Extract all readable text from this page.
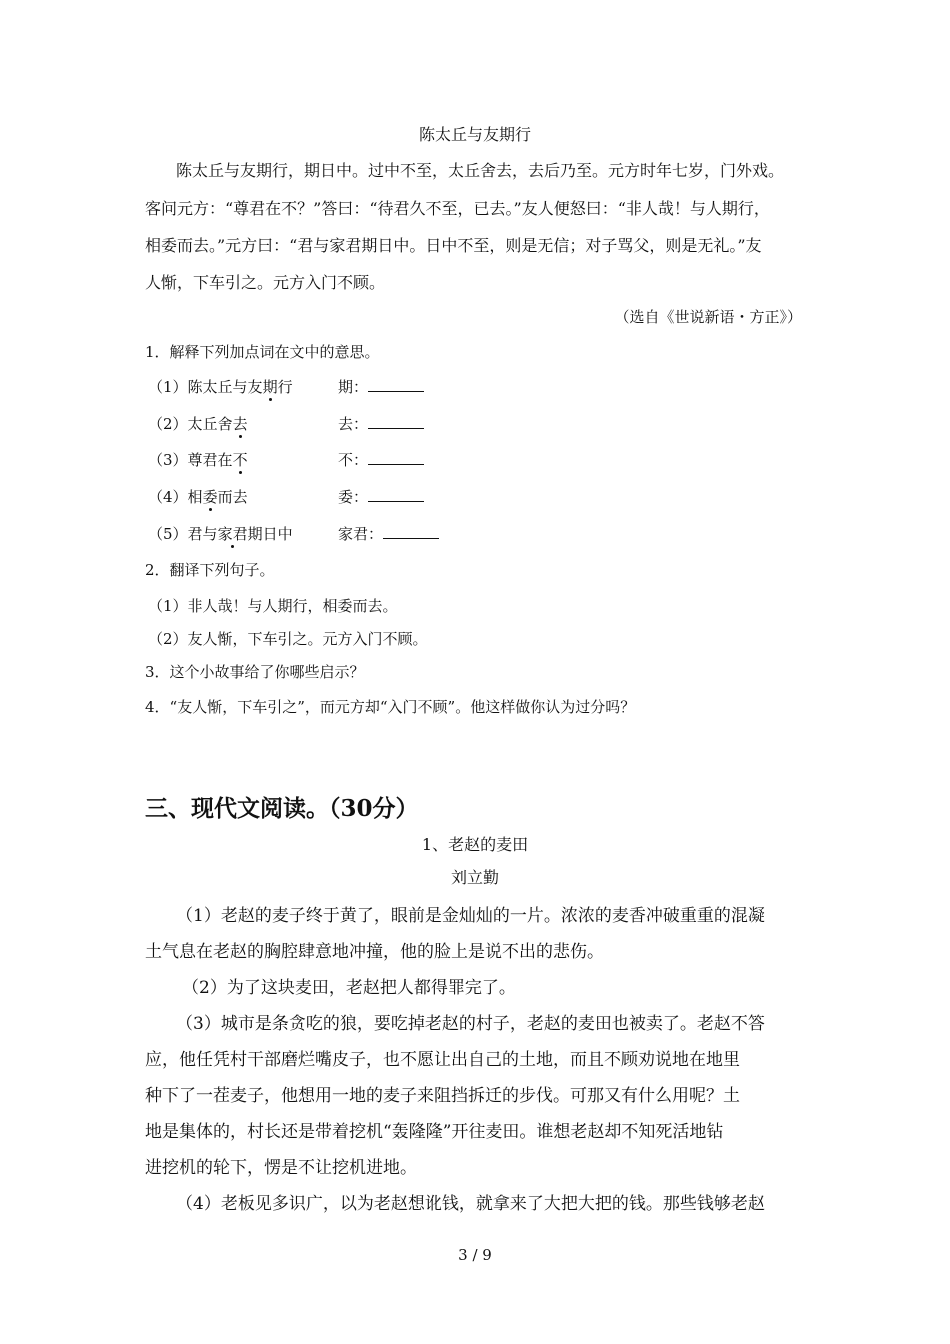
陈太丘与友期行
陈太丘与友期行，期日中。过中不至，太丘舍去，去后乃至。元方时年七岁，门外戏。
客问元方：“尊君在不？”答曰：“待君久不至，已去。”友人便怒曰：“非人哉！与人期行，
相委而去。”元方曰：“君与家君期日中。日中不至，则是无信；对子骂父，则是无礼。”友
人惭，下车引之。元方入门不顾。
（选自《世说新语・方正》）
1．解释下列加点词在文中的意思。
（1）陈太丘与友期行	期：
（2）太丘舍去	去：
（3）尊君在不	不：
（4）相委而去	委：
（5）君与家君期日中	家君：
2．翻译下列句子。
（1）非人哉！与人期行，相委而去。
（2）友人惭，下车引之。元方入门不顾。
3．这个小故事给了你哪些启示？
4．“友人惭，下车引之”，而元方却“入门不顾”。他这样做你认为过分吗？
三、现代文阅读。（30分）
1、老赵的麦田
刘立勤
（1）老赵的麦子终于黄了，眼前是金灿灿的一片。浓浓的麦香冲破重重的混凝
土气息在老赵的胸腔肆意地冲撞，他的脸上是说不出的悲伤。
（2）为了这块麦田，老赵把人都得罪完了。
（3）城市是条贪吃的狼，要吃掉老赵的村子，老赵的麦田也被卖了。老赵不答
应，他任凭村干部磨烂嘴皮子，也不愿让出自己的土地，而且不顾劝说地在地里
种下了一茬麦子，他想用一地的麦子来阻挡拆迁的步伐。可那又有什么用呢？土
地是集体的，村长还是带着挖机“轰隆隆”开往麦田。谁想老赵却不知死活地钻
进挖机的轮下，愣是不让挖机进地。
（4）老板见多识广，以为老赵想讹钱，就拿来了大把大把的钱。那些钱够老赵
3 / 9
